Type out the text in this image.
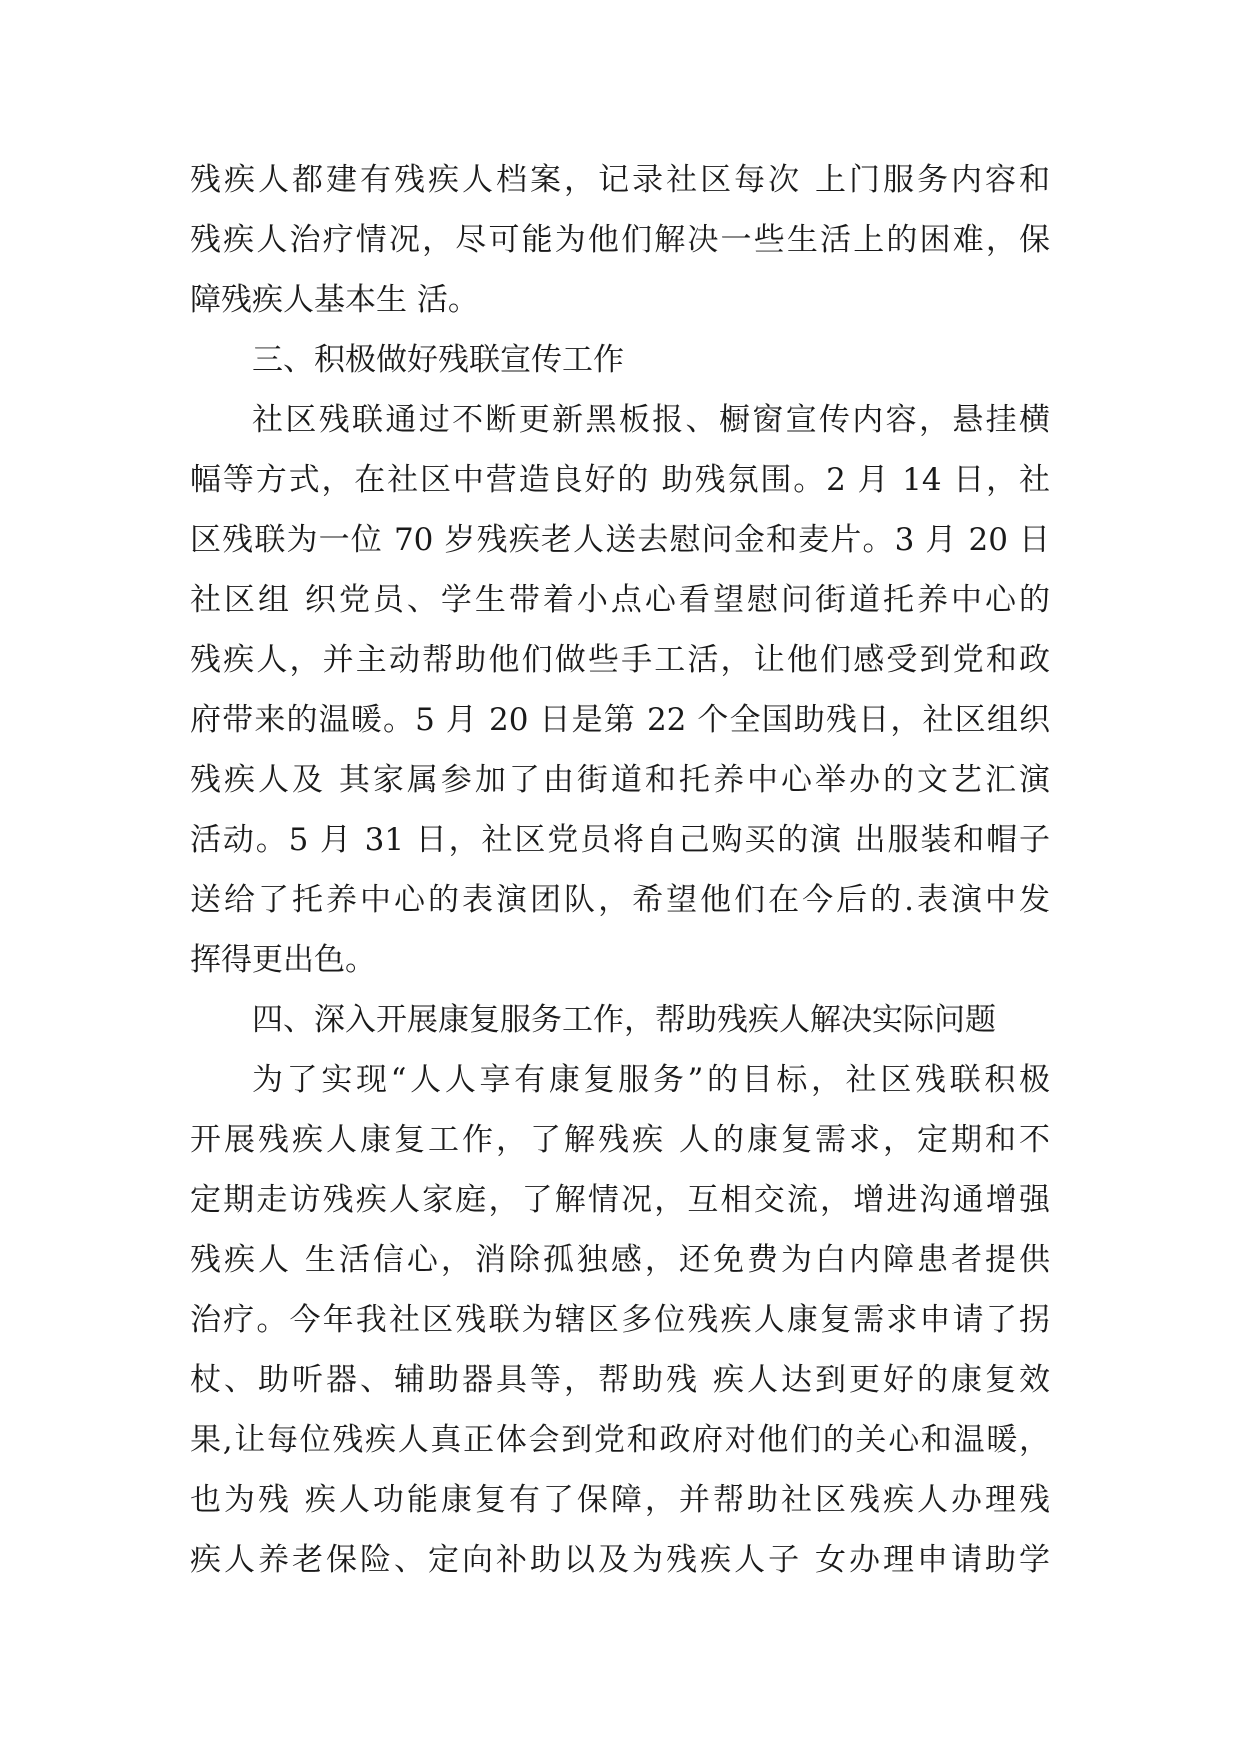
残疾人都建有残疾人档案，记录社区每次 上门服务内容和
残疾人治疗情况，尽可能为他们解决一些生活上的困难，保
障残疾人基本生 活。
三、积极做好残联宣传工作
社区残联通过不断更新黑板报、橱窗宣传内容，悬挂横
幅等方式，在社区中营造良好的 助残氛围。2 月 14 日，社
区残联为一位 70 岁残疾老人送去慰问金和麦片。3 月 20 日
社区组 织党员、学生带着小点心看望慰问街道托养中心的
残疾人，并主动帮助他们做些手工活，让他们感受到党和政
府带来的温暖。5 月 20 日是第 22 个全国助残日，社区组织
残疾人及 其家属参加了由街道和托养中心举办的文艺汇演
活动。5 月 31 日，社区党员将自己购买的演 出服装和帽子
送给了托养中心的表演团队，希望他们在今后的.表演中发
挥得更出色。
四、深入开展康复服务工作，帮助残疾人解决实际问题
为了实现“人人享有康复服务”的目标，社区残联积极
开展残疾人康复工作，了解残疾 人的康复需求，定期和不
定期走访残疾人家庭，了解情况，互相交流，增进沟通增强
残疾人 生活信心，消除孤独感，还免费为白内障患者提供
治疗。今年我社区残联为辖区多位残疾人康复需求申请了拐
杖、助听器、辅助器具等，帮助残 疾人达到更好的康复效
果,让每位残疾人真正体会到党和政府对他们的关心和温暖，
也为残 疾人功能康复有了保障，并帮助社区残疾人办理残
疾人养老保险、定向补助以及为残疾人子 女办理申请助学
